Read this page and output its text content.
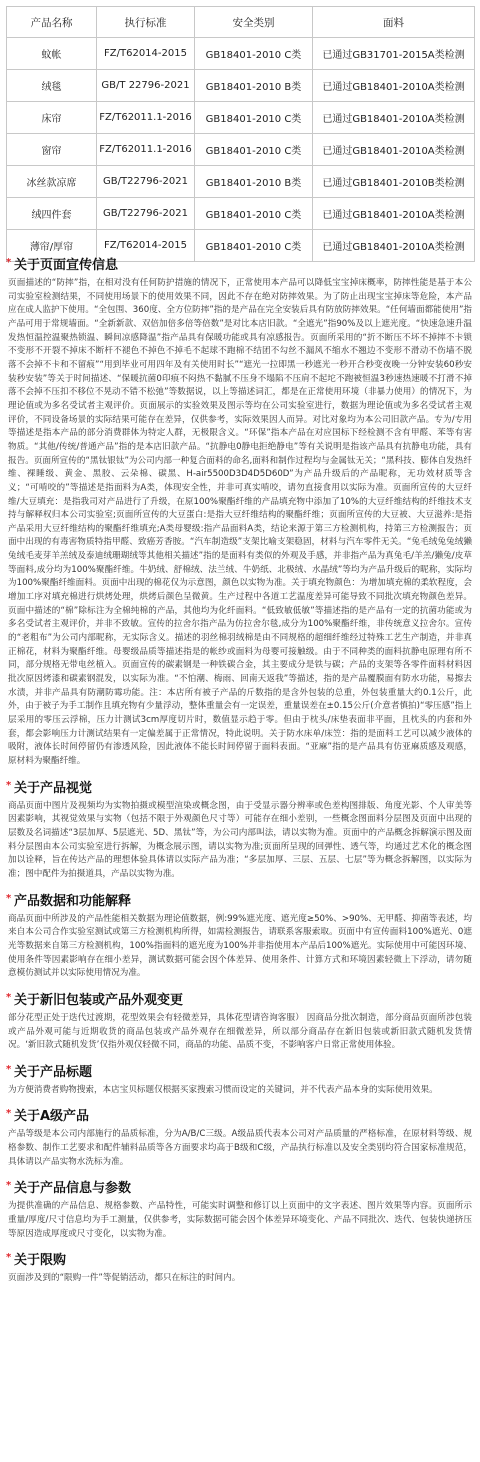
产品名称	执行标准	安全类别	面料
蚊帐	FZ/T62014-2015	GB18401-2010 C类	已通过GB31701-2015A类检测
绒毯	GB/T 22796-2021	GB18401-2010 B类	已通过GB18401-2010A类检测
床帘	FZ/T62011.1-2016	GB18401-2010 C类	已通过GB18401-2010A类检测
窗帘	FZ/T62011.1-2016	GB18401-2010 C类	已通过GB18401-2010A类检测
冰丝款凉席	GB/T22796-2021	GB18401-2010 B类	已通过GB18401-2010B类检测
绒四件套	GB/T22796-2021	GB18401-2010 C类	已通过GB18401-2010A类检测
薄帘/厚帘	FZ/T62014-2015	GB18401-2010 C类	已通过GB18401-2010A类检测
* 关于页面宣传信息

页面描述的“防摔”指，在相对没有任何防护措施的情况下，正常使用本产品可以降低宝宝掉床概率，防摔性能是基于本公司实验室检测结果，不同使用场景下的使用效果不同，因此不存在绝对防摔效果。为了防止出现宝宝掉床等危险，本产品应在成人监护下使用。“全包围、360度、全方位防摔”指的是产品在完全安装后具有防放防摔效果。“任何墙面都能使用”指产品可用于常规墙面。“全新新款、双倍加倍多倍等倍数”是对比本店旧款。“全遮光”指90%及以上遮光度。“快速急速升温发热恒温控温聚热锁温、瞬间凉感降温”指产品具有保暖功能或具有凉感报告。页面所采用的“折不断压不坏不掉摔不卡锁不变形不开裂不掉床不断杆不褪色不掉色不掉毛不起球不跑棉不结团不勾丝不漏风不缩水不翘边不变形不滑动不伤墙不脱落不会掉不卡和不留痕”“用到毕业可用四年及有关使用时长”“遮光一拉即黑一秒遮光一秒开合秒变夜晚一分钟安装60秒安装秒安装”等关于时间描述、“保暖抗菌0印痕不闷热不黏腻不压身不塌陷不压肩不起坨不跑被恒温3秒速热速暖不打滑不掉落不会掉不压扣不移位不晃动不错不松弛”等数据说，以上等描述词汇，都是在正常使用环境（非暴力使用）的情况下，为理论值或为多名受试者主观评价。页面展示的实验效果及图示等均在公司实验室进行，数据为理论值或为多名受试者主观评价，不同设备场景的实际结果可能存在差异，仅供参考，实际效果因人而异。对比对象均为本公司旧款产品。专为/专用等描述是指本产品的部分消费群体为特定人群，无极限含义。“环保”指本产品在对应国标下经检测不含有甲醛、苯等有害物质。“其他/传统/普通产品”指的是本店旧款产品。“抗静电0静电拒绝静电”等有关说明是指该产品具有抗静电功能，具有报告。页面所宣传的“黑钛银钛”为公司内部一种复合面料的命名,面料和制作过程均与金属钛无关；“黑科技、膨体自发热纤维、裸睡级、黄金、黑胶、云朵棉、碳黑、H-air5500D3D4D5D60D”为产品升级后的产品昵称，无功效材质等含义；“可啃咬的”等描述是指面料为A类，体现安全性，并非可真实啃咬，请勿直接食用以实际为准。页面所宣传的大豆纤维/大豆填充：是指我司对产品进行了升级，在原100%聚酯纤维的产品填充物中添加了10%的大豆纤维结构的纤维技术支持与解释权归本公司实验室;页面所宣传的大豆蛋白:是指大豆纤维结构的聚酯纤维；页面所宣传的大豆被、大豆滋养:是指产品采用大豆纤维结构的聚酯纤维填充;A类母婴级:指产品面料A类，结论来源于第三方检测机构，持第三方检测报告；页面中出现的有毒害物质特指甲醛、致癌芳香胺。“汽车制造级”支架比喻支架稳固，材料与汽车零件无关。“兔毛绒兔兔绒獭兔绒毛麦芽羊羔绒及泰迪绒珊瑚绒等其他相关描述”指的是面料有类似的外观及手感，并非指产品为真兔毛/羊羔/獭兔/皮草等面料,成分均为100%聚酯纤维。牛奶绒、舒棉绒、法兰绒、牛奶纸、北极绒、水晶绒”等均为产品升级后的昵称，实际均为100%聚酯纤维面料。页面中出现的棉花仅为示意图，颜色以实物为准。关于填充物颜色：为增加填充棉的柔软程度，会增加工序对填充棉进行烘烤处理，烘烤后颜色呈微黄。生产过程中各道工艺温度差异可能导致不同批次填充物颜色差异。页面中描述的“棉”除标注为全棉纯棉的产品，其他均为化纤面料。“低致敏低敏”等描述指的是产品有一定的抗菌功能或为多名受试者主观评价，并非不致敏。宣传的拉舍尔指产品为仿拉舍尔毯,成分为100%聚酯纤维，非传统意义拉舍尔。宣传的“老粗布”为公司内部昵称，无实际含义。描述的羽丝棉羽绒棉是由不同规格的超细纤维经过特殊工艺生产制造，并非真正棉花，材料为聚酯纤维。母婴级品质等描述指是的帐纱或面料为母婴可接触级。由于不同种类的面料抗静电原理有所不同，部分规格无带电丝植入。页面宣传的碳素钢是一种铁碳合金，其主要成分是铁与碳；产品的支架等各零件面料材料因批次原因烤漆和碳素钢混发，以实际为准。“不怕潮、梅雨、回南天返我”等描述，指的是产品覆膜面有防水功能，易擦去水渍，并非产品具有防潮防霉功能。注：本店所有被子产品的斤数指的是含外包装的总重，外包装重量大约0.1公斤，此外，由于被子为手工制作且填充物有少量浮动，整体重量会有一定误差，重量误差在±0.15公斤(介意者慎拍)“零压感”指上层采用的零压云浮棉，压力计测试3cm厚度切片时，数值显示趋于零。但由于枕头/床垫表面非平面，且枕头的内套和外套，都会影响压力计测试结果有一定偏差属于正常情况，特此说明。关于防水床单/床笠：指的是面料工艺可以减少液体的吸附，液体长时间停留仍有渗透风险，因此液体不能长时间停留于面料表面。“亚麻”指的是产品具有仿亚麻质感及观感，原材料为聚酯纤维。

* 关于产品视觉

商品页面中图片及视频均为实物拍摄或模型渲染或概念图，由于受显示器分辨率或色差构图排版、角度光影、个人审美等因素影响，其视觉效果与实物（包括不限于外观颜色尺寸等）可能存在细小差别，一些概念图面料分层图及页面中出现的层数及名词描述“3层加厚、5层遮光、5D、黑钛”等，为公司内部叫法，请以实物为准。页面中的产品概念拆解演示图及面料分层图由本公司实验室进行拆解，为概念展示图，请以实物为准;页面所呈现的回弹性、透气等，均通过艺术化的概念图加以诠释，旨在传达产品的理想体验具体请以实际产品为准；“多层加厚、三层、五层、七层”等为概念拆解图，以实际为准；图中配件为拍摄道具，产品以实物为准。

* 产品数据和功能解释

商品页面中所涉及的产品性能相关数据为理论值数据，例:99%遮光度、遮光度≥50%、>90%、无甲醛、抑菌等表述，均来自本公司合作实验室测试或第三方检测机构所得，如需检测报告，请联系客服索取。页面中有宣传面料100%遮光、0遮光等数据来自第三方检测机构，100%指面料的遮光度为100%并非指使用本产品后100%遮光。实际使用中可能因环境、使用条件等因素影响存在细小差异，测试数据可能会因个体差异、使用条件、计算方式和环境因素轻微上下浮动，请勿随意模仿测试并以实际使用情况为准。

* 关于新旧包装或产品外观变更

部分花型正处于迭代过渡期，花型效果会有轻微差异，具体花型请咨询客服） 因商品分批次制造，部分商品页面所涉包装或产品外观可能与近期收货的商品包装或产品外观存在细微差异，所以部分商品存在新旧包装或新旧款式随机发货情况。‘新旧款式随机发货’仅指外观仅轻微不同，商品的功能、品质不变，不影响客户日常正常使用体验。

* 关于产品标题

为方便消费者购物搜索，本店宝贝标题仅根据买家搜索习惯而设定的关键词，并不代表产品本身的实际使用效果。

* 关于A级产品

产品等级是本公司内部施行的品质标准，分为A/B/C三级。A级品质代表本公司对产品质量的严格标准，在原材料等级、规格参数、制作工艺要求和配件辅料品质等各方面要求均高于B级和C级，产品执行标准以及安全类别均符合国家标准规范，具体请以产品实物水洗标为准。

* 关于产品信息与参数

为提供准确的产品信息、规格参数、产品特性，可能实时调整和修订以上页面中的文字表述、图片效果等内容。页面所示重量/厚度/尺寸信息均为手工测量，仅供参考，实际数据可能会因个体差异环境变化、产品不同批次、迭代、包装快递挤压等原因造成厚度或尺寸变化，以实物为准。

* 关于限购

页面涉及到的“限购一件”等促销活动，都只在标注的时间内。
